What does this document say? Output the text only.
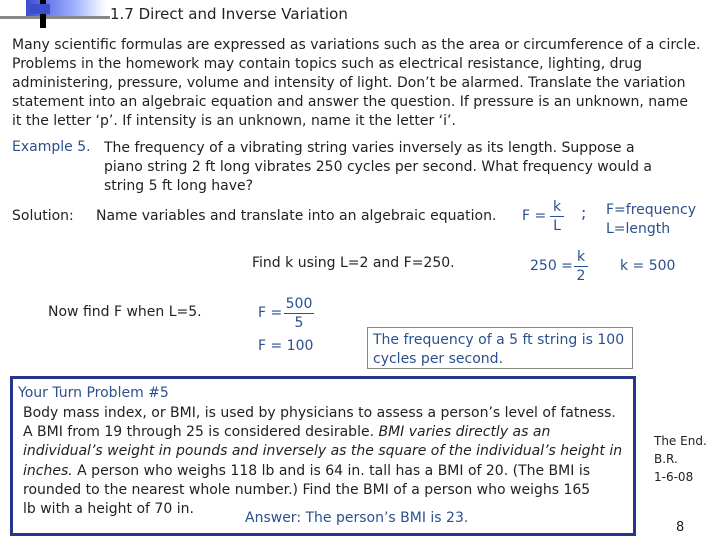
1.7 Direct and Inverse Variation
Many scientific formulas are expressed as variations such as the area or circumference of a circle.
Problems in the homework may contain topics such as electrical resistance, lighting, drug
administering, pressure, volume and intensity of light. Don’t be alarmed. Translate the variation
statement into an algebraic equation and answer the question. If pressure is an unknown, name
it the letter ‘p’. If intensity is an unknown, name it the letter ‘i’.
Example 5. The frequency of a vibrating string varies inversely as its length. Suppose a
piano string 2 ft long vibrates 250 cycles per second. What frequency would a
string 5 ft long have?
Solution: Name variables and translate into an algebraic equation. F =
k
L
; F=frequency
L=length
Find k using L=2 and F=250.	250 =
k
2
k = 500
Now find F when L=5.	F =
500
5
F = 100	The frequency of a 5 ft string is 100
cycles per second.
Your Turn Problem #5
Body mass index, or BMI, is used by physicians to assess a person’s level of fatness.
A BMI from 19 through 25 is considered desirable. BMI varies directly as an
individual’s weight in pounds and inversely as the square of the individual’s height in
inches. A person who weighs 118 lb and is 64 in. tall has a BMI of 20. (The BMI is
rounded to the nearest whole number.) Find the BMI of a person who weighs 165
lb with a height of 70 in.
Answer: The person’s BMI is 23.
The End.
B.R.
1-6-08
8
